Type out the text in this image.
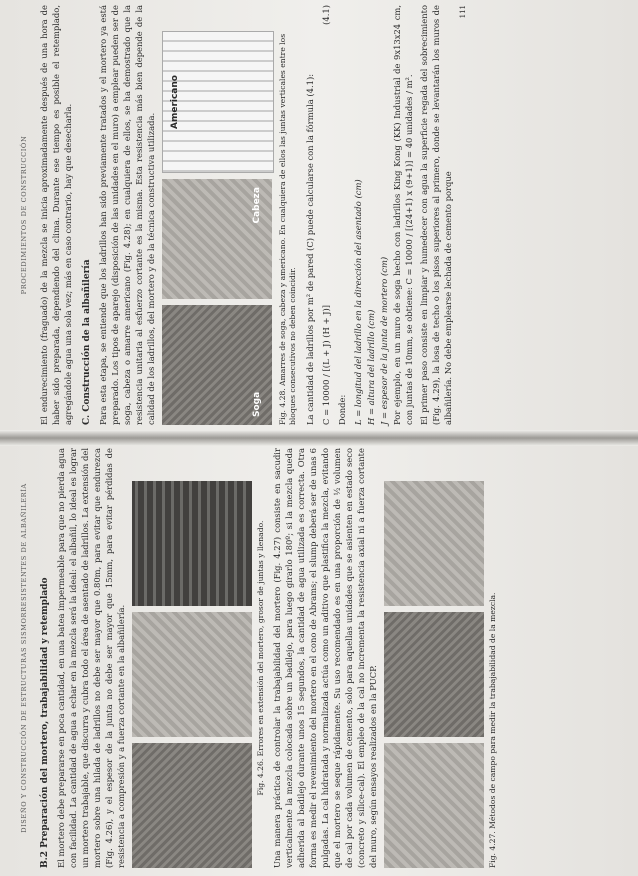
PROCEDIMIENTOS DE CONSTRUCCIÓN El endurecimiento (fraguado) de la mezcla se inicia aproximadamente después de una hora de haber sido preparada, dependiendo del clima. Durante ese tiempo es posible el retemplado, agregándole agua una sola vez; más en caso contrario, hay que desecharla. C. Construcción de la albañilería Para esta etapa, se entiende que los ladrillos han sido previamente tratados y el mortero ya está preparado. Los tipos de aparejo (disposición de las unidades en el muro) a emplear pueden ser de soga, cabeza o amarre americano (Fig. 4.28); en cualquiera de ellos, se ha demostrado que la resistencia unitaria al esfuerzo cortante es la misma. Esta resistencia más bien depende de la calidad de los ladrillos, del mortero y de la técnica constructiva utilizada.	Soga
Cabeza
Americano	Fig. 4.28. Amarres de soga, cabeza y americano. En cualquiera de ellos las juntas verticales entre los bloques consecutivos no deben coincidir. La cantidad de ladrillos por m² de pared (C) puede calcularse con la fórmula (4.1): C = 10000 / [(L + J) (H + J)]
(4.1)

Donde: L = longitud del ladrillo en la dirección del asentado (cm) H = altura del ladrillo (cm) J = espesor de la junta de mortero (cm) Por ejemplo, en un muro de soga hecho con ladrillos King Kong (KK) Industrial de 9x13x24 cm, con juntas de 10mm, se obtiene: C = 10000 / [(24+1) x (9+1)] = 40 unidades / m². El primer paso consiste en limpiar y humedecer con agua la superficie regada del sobrecimiento (Fig. 4.29), la losa de techo o los pisos superiores al primero, donde se levantarán los muros de albañilería. No debe emplearse lechada de cemento porque

111
DISEÑO Y CONSTRUCCIÓN DE ESTRUCTURAS SISMORRESISTENTES DE ALBAÑILERÍA B.2 Preparación del mortero, trabajabilidad y retemplado El mortero debe prepararse en poca cantidad, en una batea impermeable para que no pierda agua con facilidad. La cantidad de agua a echar en la mezcla será la ideal: el albañil, lo ideal es lograr un mortero trabajable, que discurra y cubra todo el área de asentado de ladrillos. La extensión del mortero sobre una hilada de ladrillos no debe ser mayor que 0.80m, para evitar que endurezca (Fig. 4.26), y el espesor de la junta no debe ser mayor que 15mm, para evitar pérdidas de resistencia a compresión y a fuerza cortante en la albañilería.	Fig. 4.26. Errores en extensión del mortero, grosor de juntas y llenado. Una manera práctica de controlar la trabajabilidad del mortero (Fig. 4.27) consiste en sacudir verticalmente la mezcla colocada sobre un badilejo, para luego girarlo 180º; si la mezcla queda adherida al badilejo durante unos 15 segundos, la cantidad de agua utilizada es correcta. Otra forma es medir el revenimiento del mortero en el cono de Abrams; el slump deberá ser de unas 6 pulgadas. La cal hidratada y normalizada actúa como un aditivo que plastifica la mezcla, evitando que el mortero se seque rápidamente. Su uso recomendado es en una proporción de ½ volumen de cal por cada volumen de cemento, solo para aquellas unidades que se asienten en estado seco (concreto y sílice-cal). El empleo de la cal no incrementa la resistencia axial ni a fuerza cortante del muro, según ensayos realizados en la PUCP.	Fig. 4.27. Métodos de campo para medir la trabajabilidad de la mezcla.
